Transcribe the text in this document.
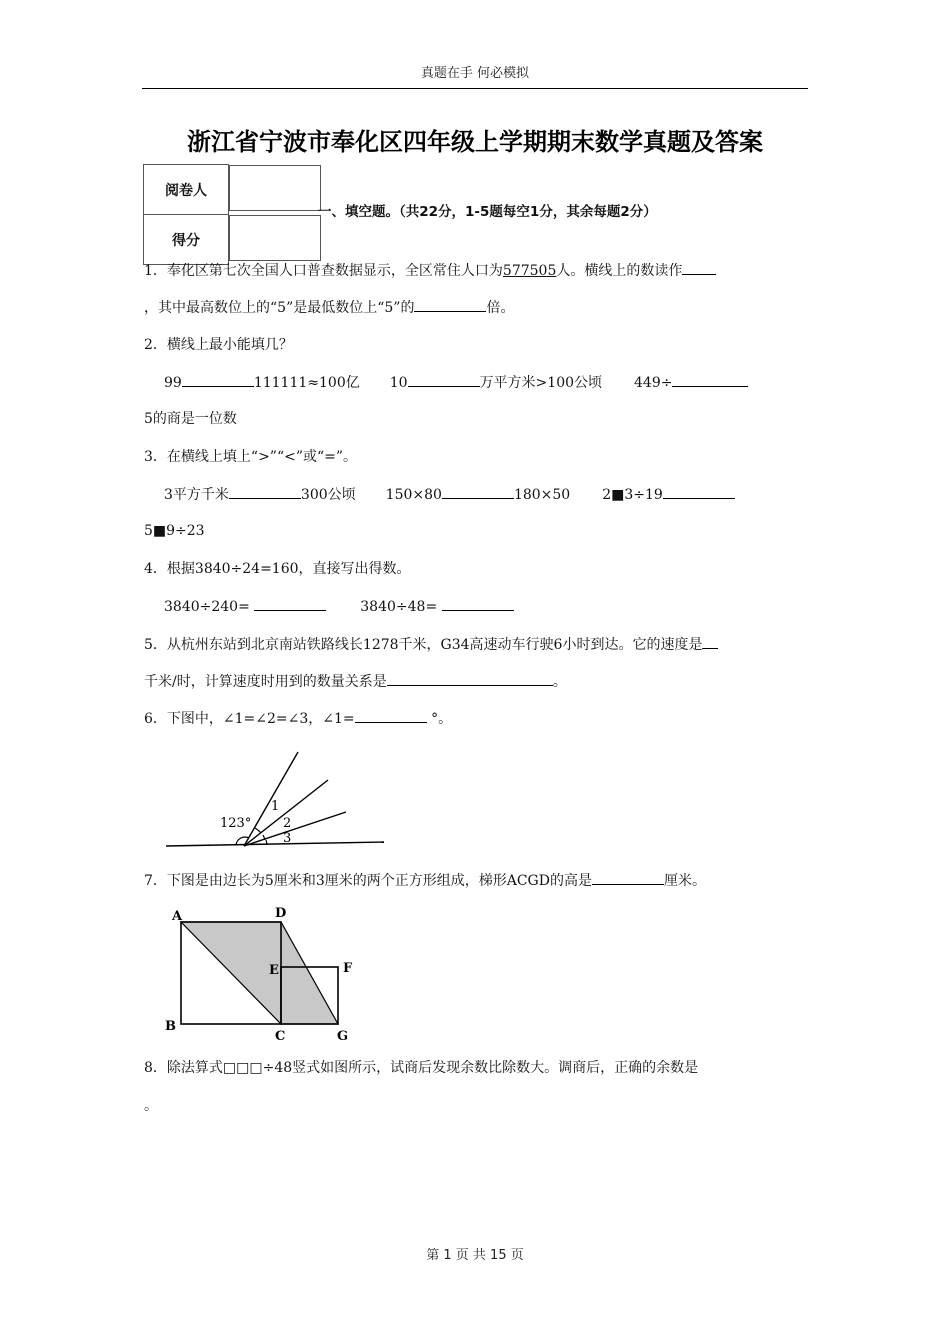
真题在手 何必模拟
浙江省宁波市奉化区四年级上学期期末数学真题及答案
阅卷人	
得分	
一、填空题。（共22分，1-5题每空1分，其余每题2分）
1．奉化区第七次全国人口普查数据显示，全区常住人口为577505人。横线上的数读作
，其中最高数位上的“5”是最低数位上“5”的	倍。
2．横线上最小能填几？
99	111111≈100亿 10	万平方米>100公顷 449÷
5的商是一位数
3．在横线上填上“>”“<”或“=”。
3平方千米	300公顷 150×80	180×50 2■3÷19
5■9÷23
4．根据3840÷24=160，直接写出得数。
3840÷240=	3840÷48=
5．从杭州东站到北京南站铁路线长1278千米，G34高速动车行驶6小时到达。它的速度是
千米/时，计算速度时用到的数量关系是	。
6．下图中，∠1=∠2=∠3，∠1=	°。
123°
1
2
3
7．下图是由边长为5厘米和3厘米的两个正方形组成，梯形ACGD的高是	厘米。
A
B
C
D
E	F
G
8．除法算式□□□÷48竖式如图所示，试商后发现余数比除数大。调商后，正确的余数是
。
第 1 页 共 15 页
